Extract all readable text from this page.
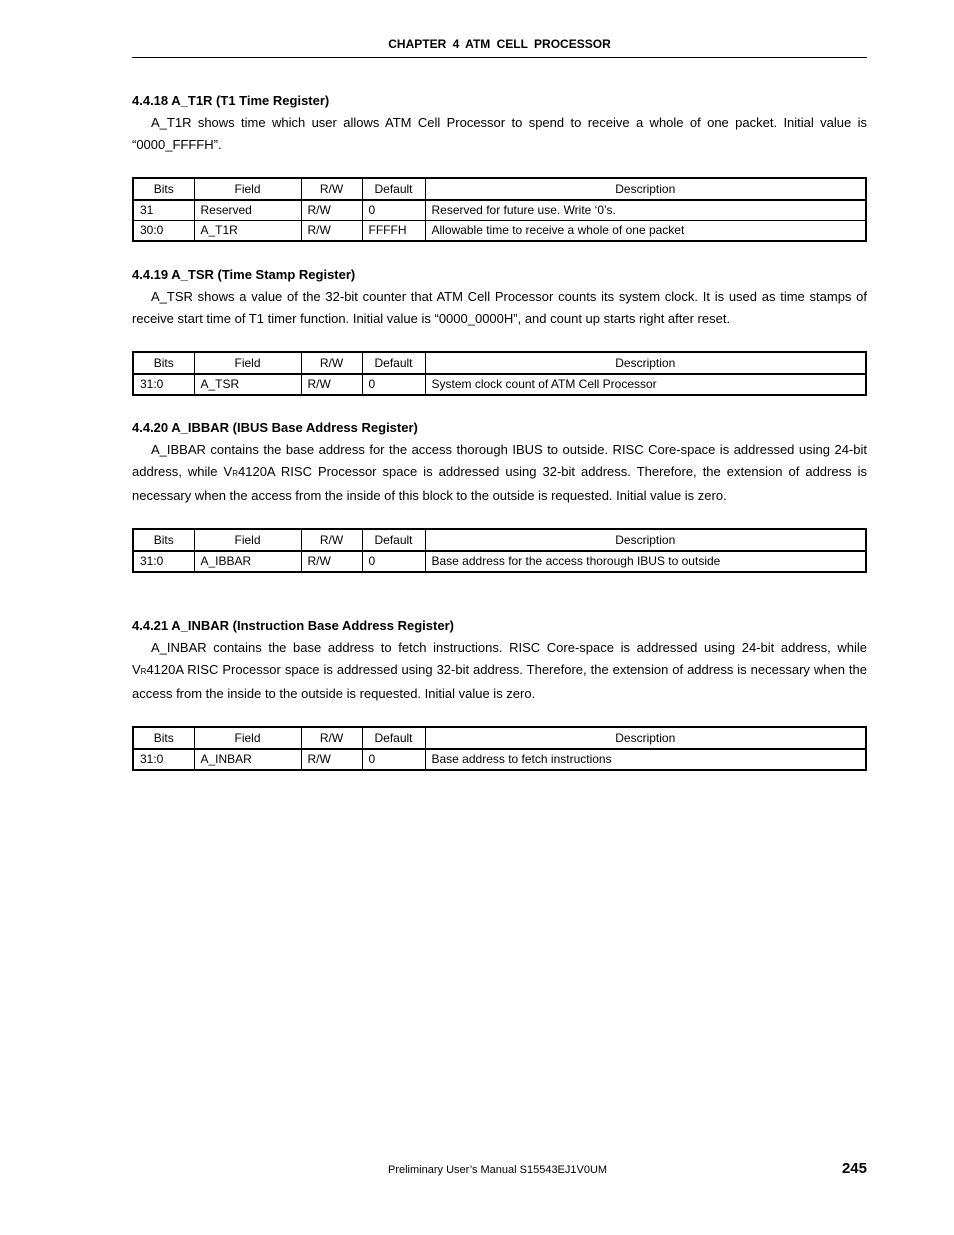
CHAPTER 4 ATM CELL PROCESSOR
4.4.18 A_T1R (T1 Time Register)

A_T1R shows time which user allows ATM Cell Processor to spend to receive a whole of one packet. Initial value is “0000_FFFFH”.

Bits	Field	R/W	Default	Description
31	Reserved	R/W	0	Reserved for future use. Write ‘0’s.
30:0	A_T1R	R/W	FFFFH	Allowable time to receive a whole of one packet
4.4.19 A_TSR (Time Stamp Register)

A_TSR shows a value of the 32-bit counter that ATM Cell Processor counts its system clock. It is used as time stamps of receive start time of T1 timer function. Initial value is “0000_0000H”, and count up starts right after reset.

Bits	Field	R/W	Default	Description
31:0	A_TSR	R/W	0	System clock count of ATM Cell Processor
4.4.20 A_IBBAR (IBUS Base Address Register)

A_IBBAR contains the base address for the access thorough IBUS to outside. RISC Core-space is addressed using 24-bit address, while VR4120A RISC Processor space is addressed using 32-bit address. Therefore, the extension of address is necessary when the access from the inside of this block to the outside is requested. Initial value is zero.

Bits	Field	R/W	Default	Description
31:0	A_IBBAR	R/W	0	Base address for the access thorough IBUS to outside
4.4.21 A_INBAR (Instruction Base Address Register)

A_INBAR contains the base address to fetch instructions. RISC Core-space is addressed using 24-bit address, while VR4120A RISC Processor space is addressed using 32-bit address. Therefore, the extension of address is necessary when the access from the inside to the outside is requested. Initial value is zero.

Bits	Field	R/W	Default	Description
31:0	A_INBAR	R/W	0	Base address to fetch instructions
Preliminary User’s Manual S15543EJ1V0UM	245
